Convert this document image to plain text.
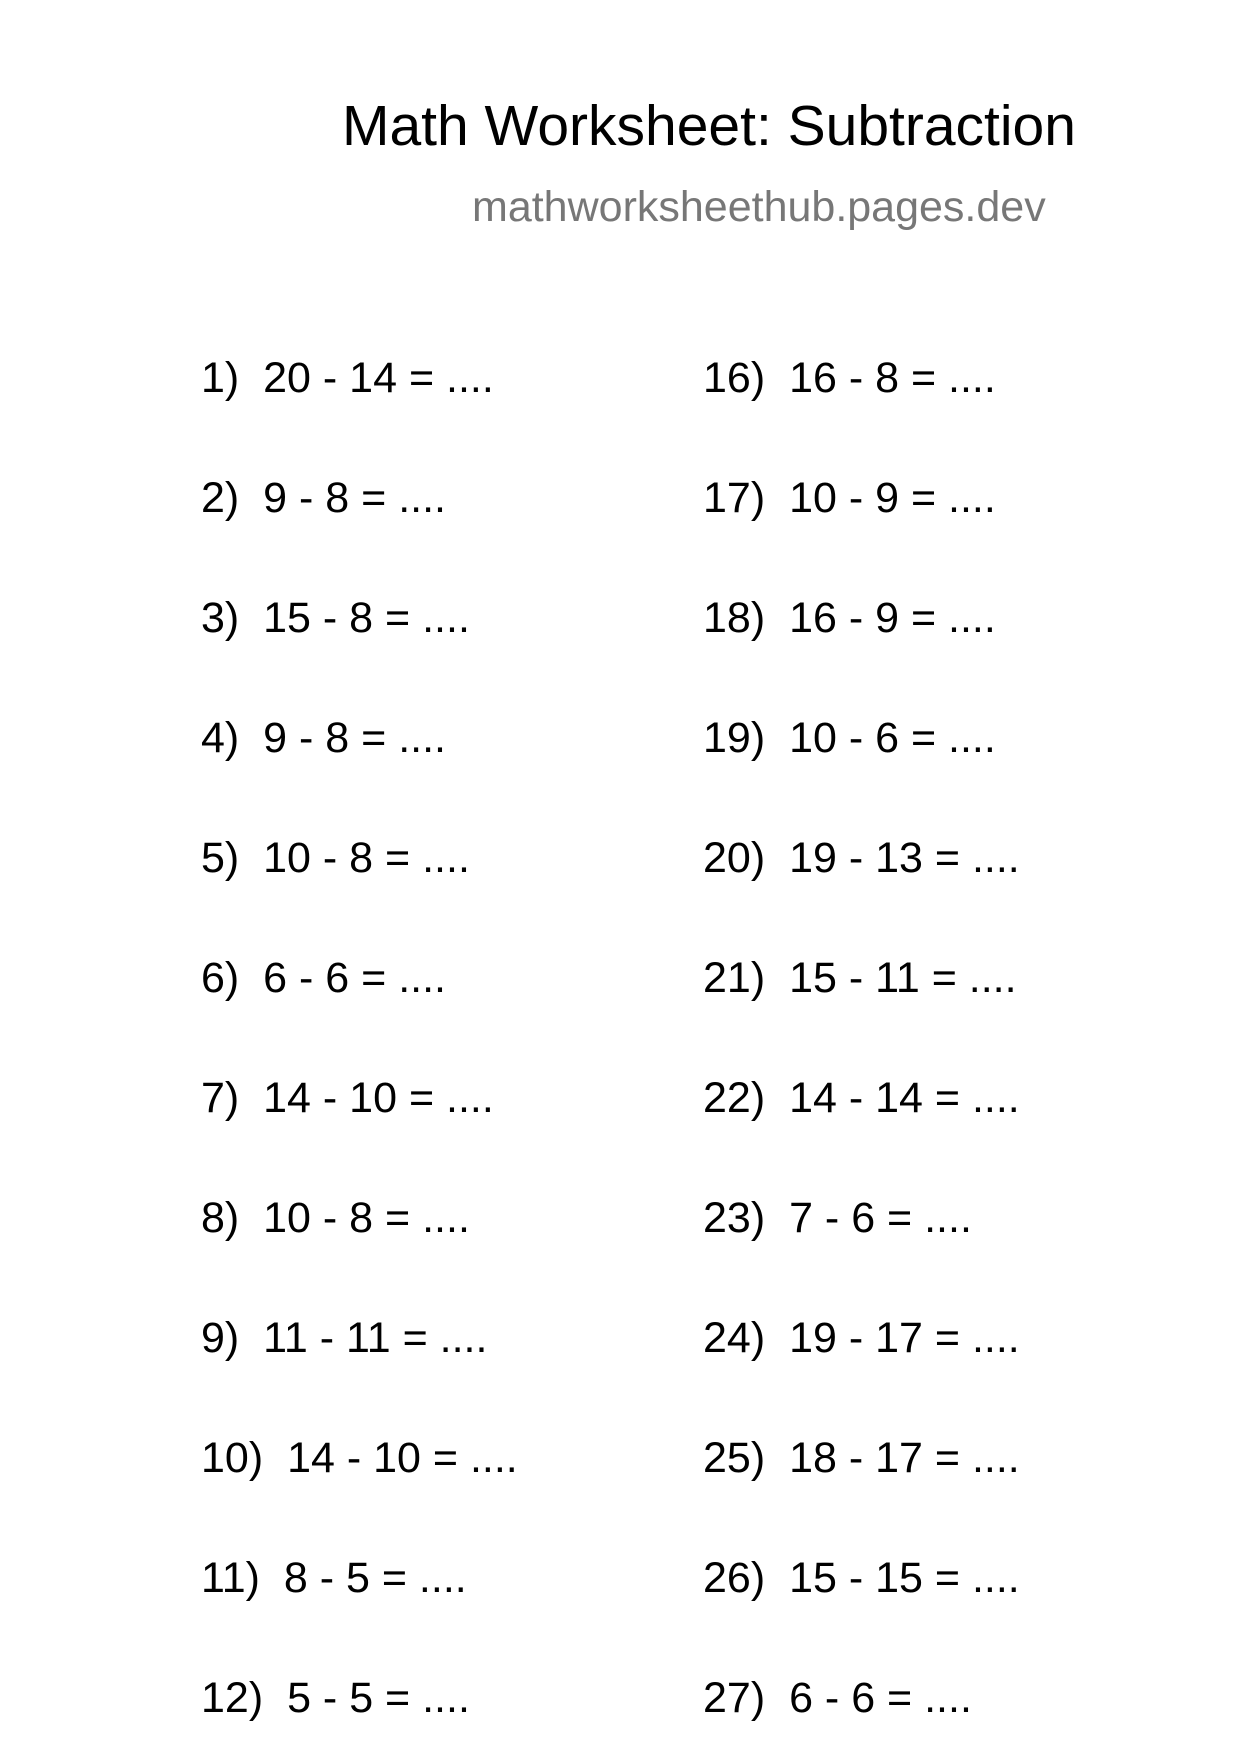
Math Worksheet: Subtraction
mathworksheethub.pages.dev
1) 20 - 14 = ....
2) 9 - 8 = ....
3) 15 - 8 = ....
4) 9 - 8 = ....
5) 10 - 8 = ....
6) 6 - 6 = ....
7) 14 - 10 = ....
8) 10 - 8 = ....
9) 11 - 11 = ....
10) 14 - 10 = ....
11) 8 - 5 = ....
12) 5 - 5 = ....
16) 16 - 8 = ....
17) 10 - 9 = ....
18) 16 - 9 = ....
19) 10 - 6 = ....
20) 19 - 13 = ....
21) 15 - 11 = ....
22) 14 - 14 = ....
23) 7 - 6 = ....
24) 19 - 17 = ....
25) 18 - 17 = ....
26) 15 - 15 = ....
27) 6 - 6 = ....
